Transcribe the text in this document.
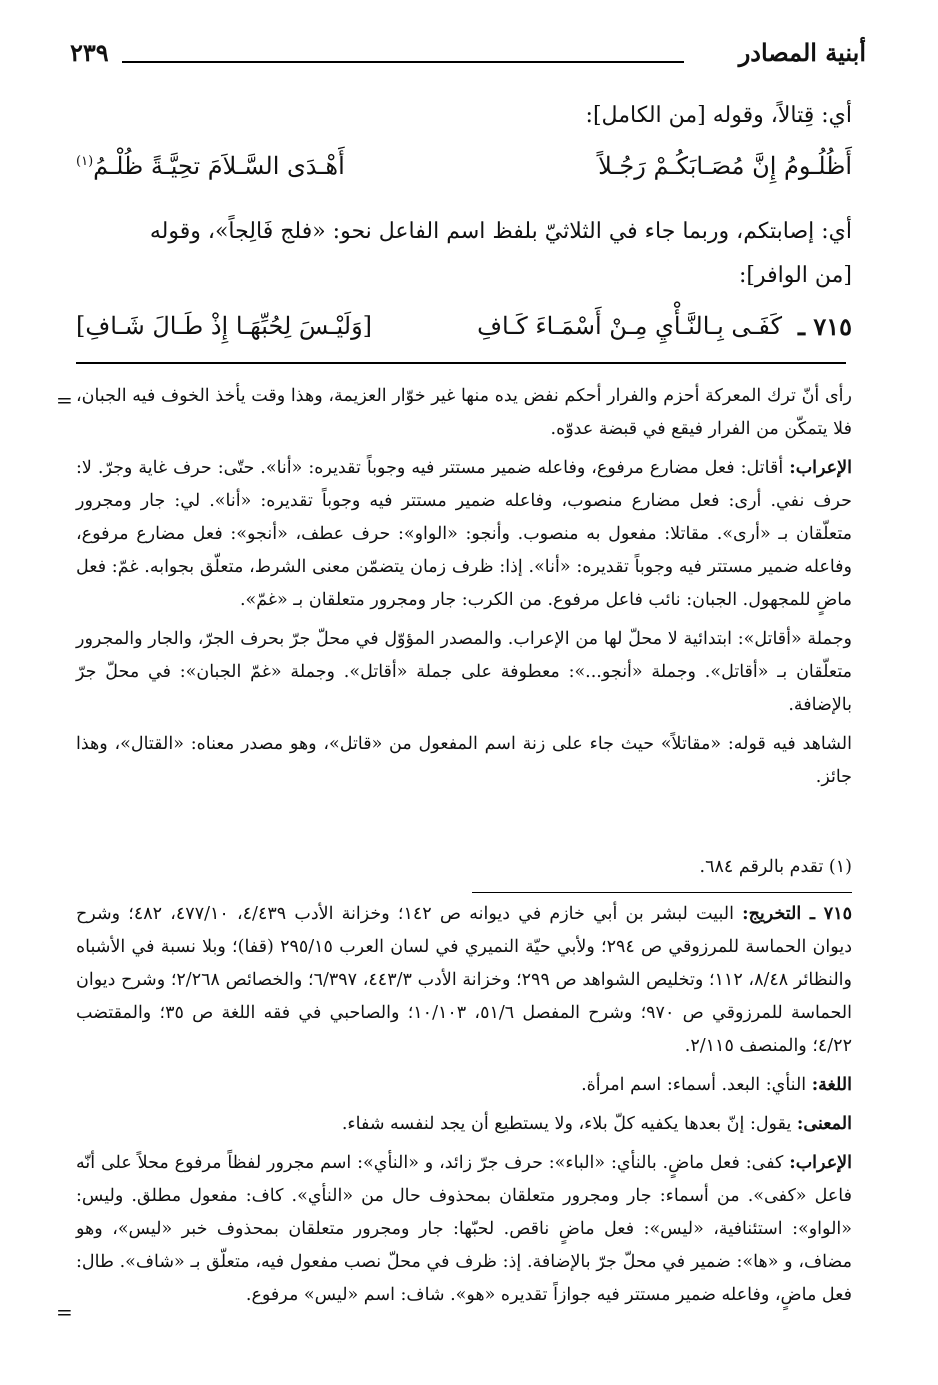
أبنية المصادر
٢٣٩
أي: قِتالاً، وقوله [من الكامل]:
أَظُلُـومُ إِنَّ مُصَـابَكُـمْ رَجُـلاً
أَهْـدَى السَّـلاَمَ تحِيَّـةً ظُلْـمُ$^{(١)}$
أي: إصابتكم، وربما جاء في الثلاثيّ بلفظ اسم الفاعل نحو: «فلج فَالِجاً»، وقوله
[من الوافر]:
٧١٥ ـ
كَفَـى بِـالنَّـأْيِ مِـنْ أَسْمَـاءَ كَـافِ
[وَلَيْـسَ لِحُبِّهَـا إِذْ طَـالَ شَـافِ]
= رأى أنّ ترك المعركة أحزم والفرار أحكم نفض يده منها غير خوّار العزيمة، وهذا وقت يأخذ الخوف فيه الجبان، فلا يتمكّن من الفرار فيقع في قبضة عدوّه.

الإعراب: أقاتل: فعل مضارع مرفوع، وفاعله ضمير مستتر فيه وجوباً تقديره: «أنا». حتّى: حرف غاية وجرّ. لا: حرف نفي. أرى: فعل مضارع منصوب، وفاعله ضمير مستتر فيه وجوباً تقديره: «أنا». لي: جار ومجرور متعلّقان بـ «أرى». مقاتلا: مفعول به منصوب. وأنجو: «الواو»: حرف عطف، «أنجو»: فعل مضارع مرفوع، وفاعله ضمير مستتر فيه وجوباً تقديره: «أنا». إذا: ظرف زمان يتضمّن معنى الشرط، متعلّق بجوابه. غمّ: فعل ماضٍ للمجهول. الجبان: نائب فاعل مرفوع. من الكرب: جار ومجرور متعلقان بـ «غمّ».

وجملة «أقاتل»: ابتدائية لا محلّ لها من الإعراب. والمصدر المؤوّل في محلّ جرّ بحرف الجرّ، والجار والمجرور متعلّقان بـ «أقاتل». وجملة «أنجو...»: معطوفة على جملة «أقاتل». وجملة «غمّ الجبان»: في محلّ جرّ بالإضافة.

الشاهد فيه قوله: «مقاتلاً» حيث جاء على زنة اسم المفعول من «قاتل»، وهو مصدر معناه: «القتال»، وهذا جائز.

(١) تقدم بالرقم ٦٨٤.

٧١٥ ـ التخريج: البيت لبشر بن أبي خازم في ديوانه ص ١٤٢؛ وخزانة الأدب ٤/٤٣٩، ٤٧٧/١٠، ٤٨٢؛ وشرح ديوان الحماسة للمرزوقي ص ٢٩٤؛ ولأبي حيّة النميري في لسان العرب ٢٩٥/١٥ (قفا)؛ وبلا نسبة في الأشباه والنظائر ٨/٤٨، ١١٢؛ وتخليص الشواهد ص ٢٩٩؛ وخزانة الأدب ٤٤٣/٣، ٦/٣٩٧؛ والخصائص ٢/٢٦٨؛ وشرح ديوان الحماسة للمرزوقي ص ٩٧٠؛ وشرح المفصل ٥١/٦، ١٠/١٠٣؛ والصاحبي في فقه اللغة ص ٣٥؛ والمقتضب ٤/٢٢؛ والمنصف ٢/١١٥.

اللغة: النأي: البعد. أسماء: اسم امرأة.

المعنى: يقول: إنّ بعدها يكفيه كلّ بلاء، ولا يستطيع أن يجد لنفسه شفاء.

الإعراب: كفى: فعل ماضٍ. بالنأي: «الباء»: حرف جرّ زائد، و «النأي»: اسم مجرور لفظاً مرفوع محلاً على أنّه فاعل «كفى». من أسماء: جار ومجرور متعلقان بمحذوف حال من «النأي». كاف: مفعول مطلق. وليس: «الواو»: استئنافية، «ليس»: فعل ماضٍ ناقص. لحبّها: جار ومجرور متعلقان بمحذوف خبر «ليس»، وهو مضاف، و «ها»: ضمير في محلّ جرّ بالإضافة. إذ: ظرف في محلّ نصب مفعول فيه، متعلّق بـ «شاف». طال: فعل ماضٍ، وفاعله ضمير مستتر فيه جوازاً تقديره «هو». شاف: اسم «ليس» مرفوع.

=
